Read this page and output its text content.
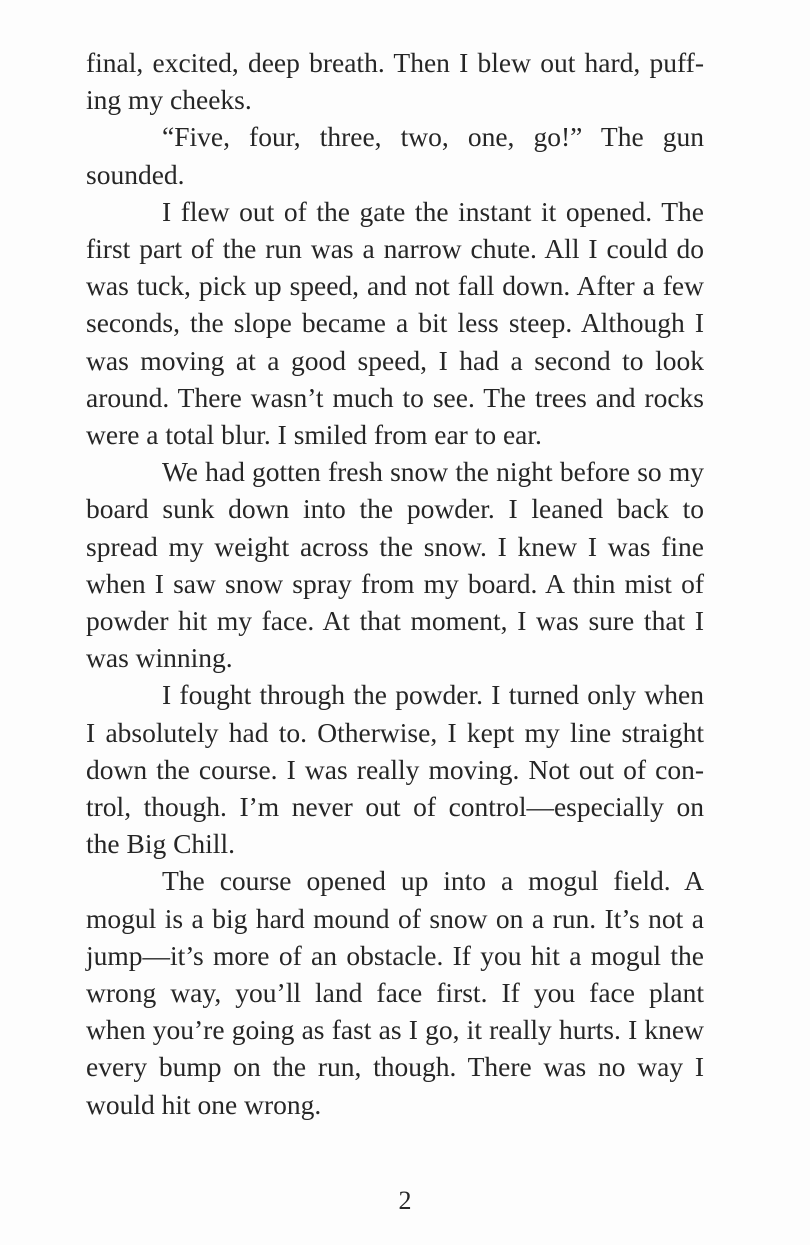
final, excited, deep breath. Then I blew out hard, puffing my cheeks.

“Five, four, three, two, one, go!” The gun sounded.

I flew out of the gate the instant it opened. The first part of the run was a narrow chute. All I could do was tuck, pick up speed, and not fall down. After a few seconds, the slope became a bit less steep. Although I was moving at a good speed, I had a second to look around. There wasn’t much to see. The trees and rocks were a total blur. I smiled from ear to ear.

We had gotten fresh snow the night before so my board sunk down into the powder. I leaned back to spread my weight across the snow. I knew I was fine when I saw snow spray from my board. A thin mist of powder hit my face. At that moment, I was sure that I was winning.

I fought through the powder. I turned only when I absolutely had to. Otherwise, I kept my line straight down the course. I was really moving. Not out of control, though. I’m never out of control—especially on the Big Chill.

The course opened up into a mogul field. A mogul is a big hard mound of snow on a run. It’s not a jump—it’s more of an obstacle. If you hit a mogul the wrong way, you’ll land face first. If you face plant when you’re going as fast as I go, it really hurts. I knew every bump on the run, though. There was no way I would hit one wrong.

2
